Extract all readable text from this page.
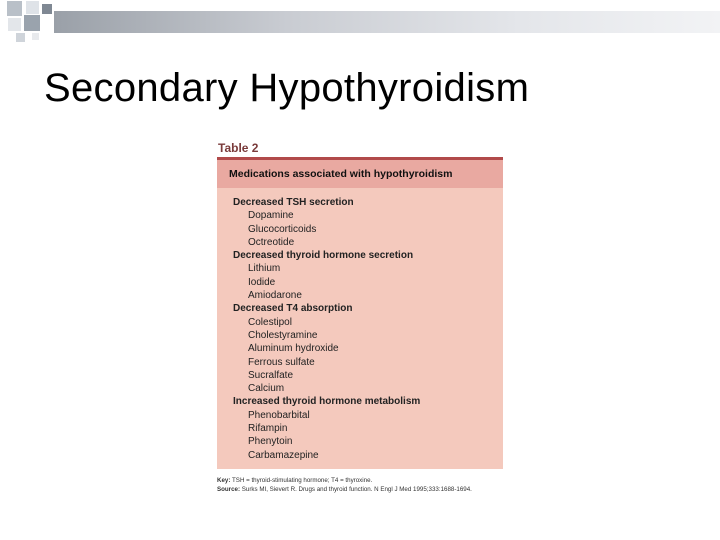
Secondary Hypothyroidism
Table 2
Medications associated with hypothyroidism
Decreased TSH secretion
Dopamine
Glucocorticoids
Octreotide
Decreased thyroid hormone secretion
Lithium
Iodide
Amiodarone
Decreased T4 absorption
Colestipol
Cholestyramine
Aluminum hydroxide
Ferrous sulfate
Sucralfate
Calcium
Increased thyroid hormone metabolism
Phenobarbital
Rifampin
Phenytoin
Carbamazepine
Key: TSH = thyroid-stimulating hormone; T4 = thyroxine.
Source: Surks MI, Sievert R. Drugs and thyroid function. N Engl J Med 1995;333:1688-1694.
